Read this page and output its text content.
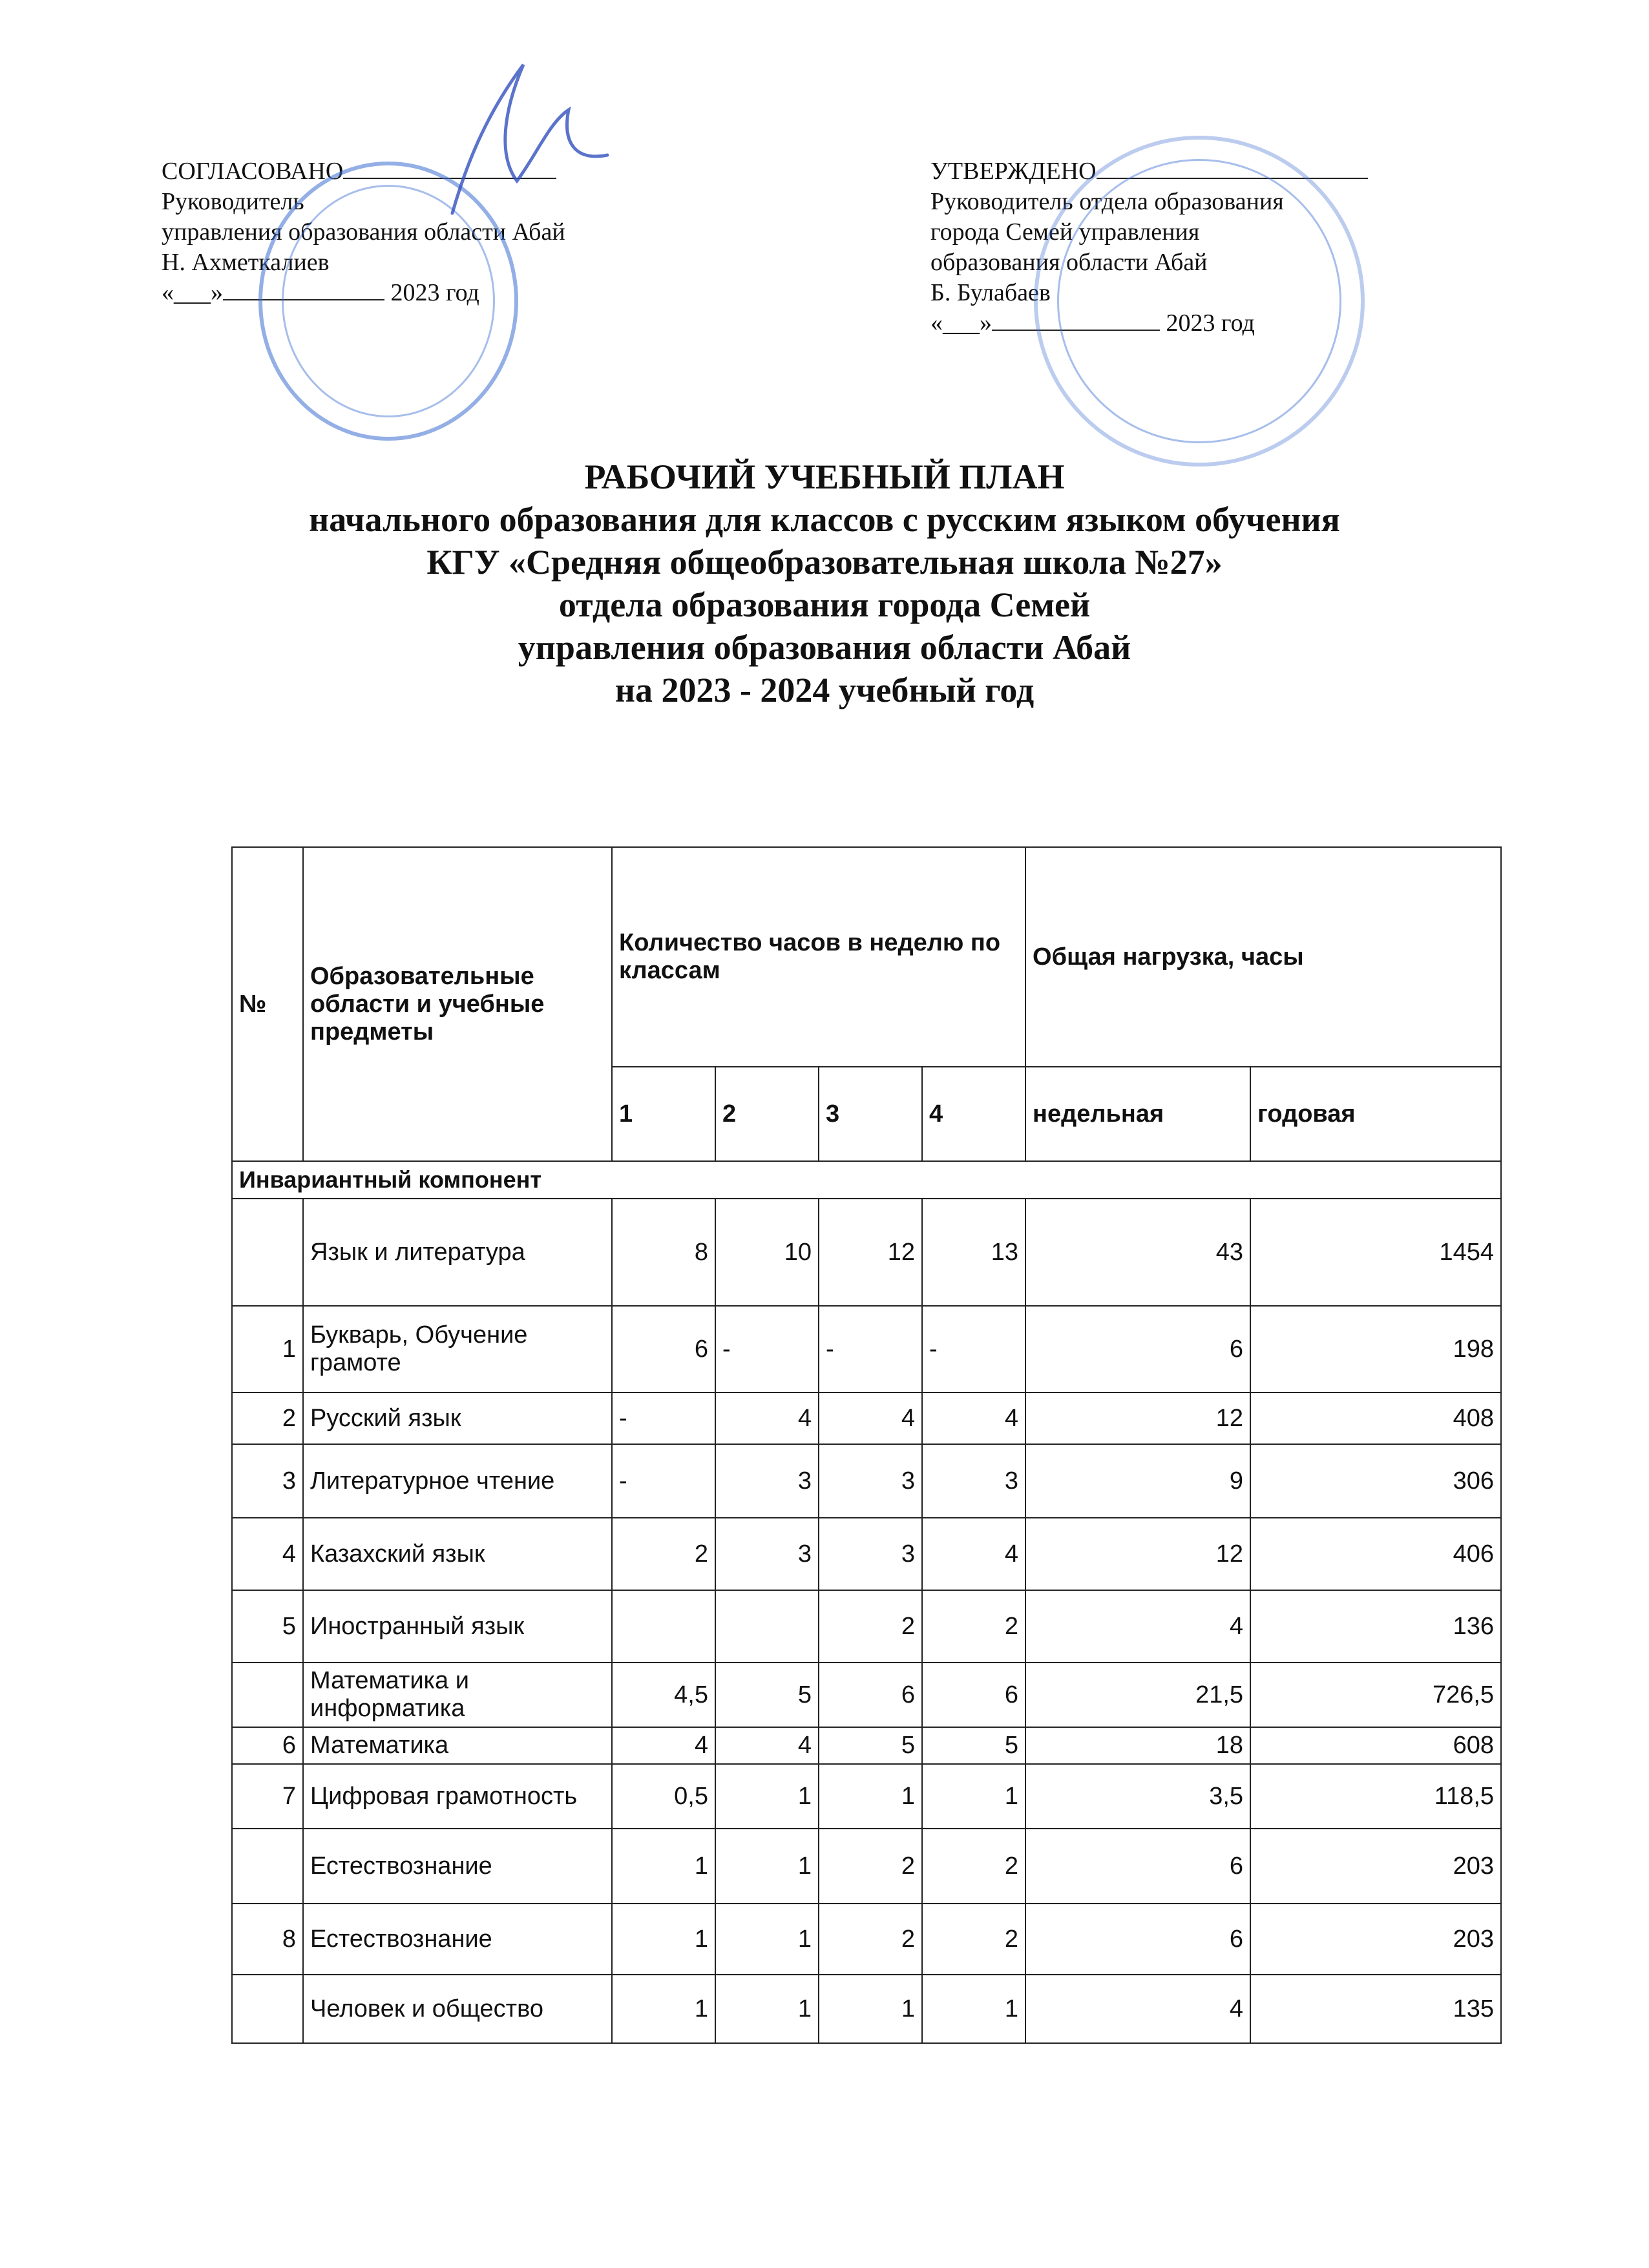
СОГЛАСОВАНО
Руководитель
управления образования области Абай
Н. Ахметкалиев
«___»	2023 год
УТВЕРЖДЕНО
Руководитель отдела образования
города Семей управления
образования области Абай
Б. Булабаев
«___»	2023 год
РАБОЧИЙ УЧЕБНЫЙ ПЛАН
начального образования для классов с русским языком обучения
КГУ «Средняя общеобразовательная школа №27»
отдела образования города Семей
управления образования области Абай
на 2023 - 2024 учебный год
№	Образовательные области и учебные предметы	Количество часов в неделю по классам				Общая нагрузка, часы	
		1	2	3	4	недельная	годовая
Инвариантный компонент							
	Язык и литература	8	10	12	13	43	1454
1	Букварь, Обучение грамоте	6	-	-	-	6	198
2	Русский язык	-	4	4	4	12	408
3	Литературное чтение	-	3	3	3	9	306
4	Казахский язык	2	3	3	4	12	406
5	Иностранный язык			2	2	4	136
	Математика и информатика	4,5	5	6	6	21,5	726,5
6	Математика	4	4	5	5	18	608
7	Цифровая грамотность	0,5	1	1	1	3,5	118,5
	Естествознание	1	1	2	2	6	203
8	Естествознание	1	1	2	2	6	203
	Человек и общество	1	1	1	1	4	135
